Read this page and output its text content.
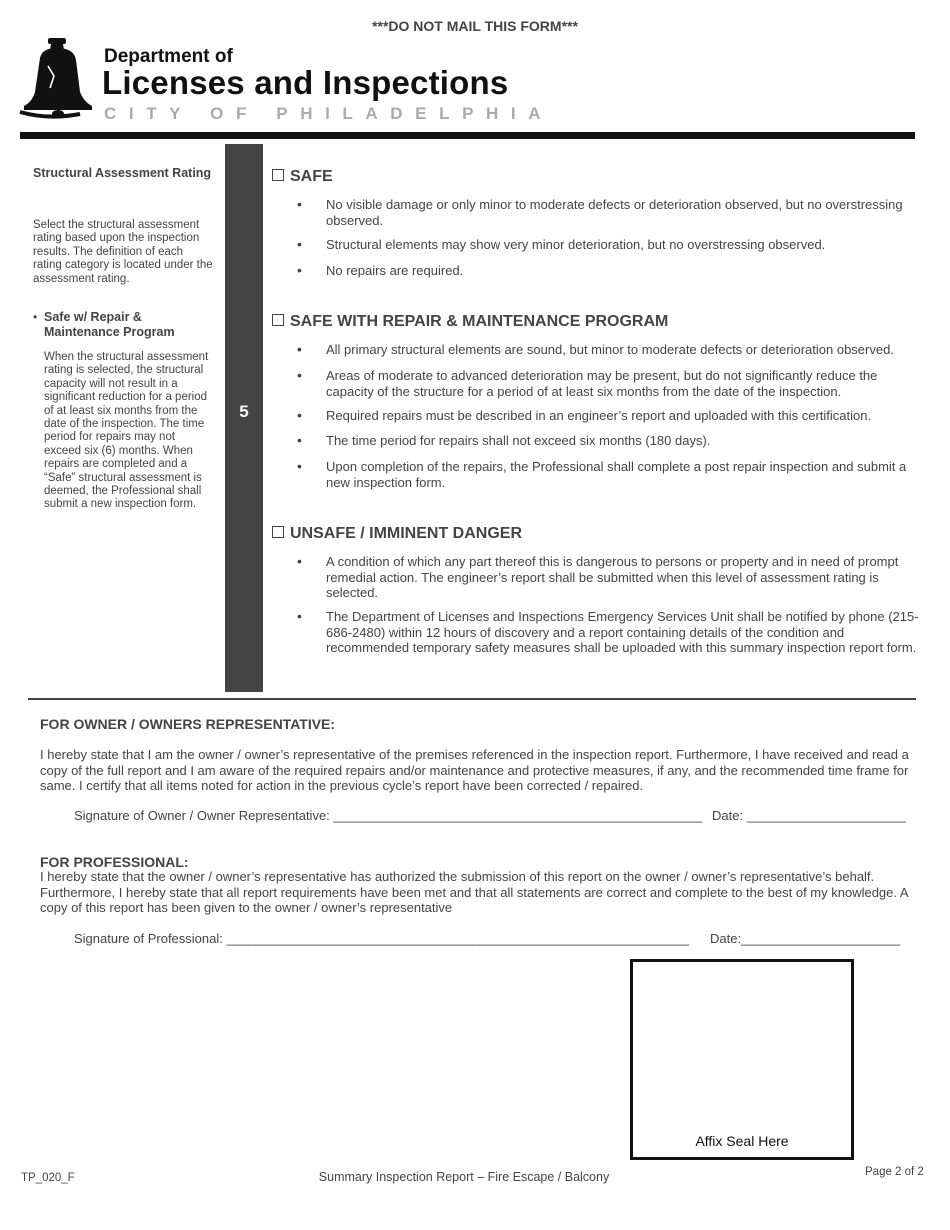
***DO NOT MAIL THIS FORM***
Department of
Licenses and Inspections
CITY OF PHILADELPHIA
Structural Assessment Rating
Select the structural assessment rating based upon the inspection results. The definition of each rating category is located under the assessment rating.
• Safe w/ Repair & Maintenance Program
When the structural assessment rating is selected, the structural capacity will not result in a significant reduction for a period of at least six months from the date of the inspection. The time period for repairs may not exceed six (6) months. When repairs are completed and a “Safe” structural assessment is deemed, the Professional shall submit a new inspection form.
5
SAFE
• No visible damage or only minor to moderate defects or deterioration observed, but no overstressing observed.
• Structural elements may show very minor deterioration, but no overstressing observed.
• No repairs are required.
SAFE WITH REPAIR & MAINTENANCE PROGRAM
• All primary structural elements are sound, but minor to moderate defects or deterioration observed.
• Areas of moderate to advanced deterioration may be present, but do not significantly reduce the capacity of the structure for a period of at least six months from the date of the inspection.
• Required repairs must be described in an engineer’s report and uploaded with this certification.
• The time period for repairs shall not exceed six months (180 days).
• Upon completion of the repairs, the Professional shall complete a post repair inspection and submit a new inspection form.
UNSAFE / IMMINENT DANGER
• A condition of which any part thereof this is dangerous to persons or property and in need of prompt remedial action. The engineer’s report shall be submitted when this level of assessment rating is selected.
• The Department of Licenses and Inspections Emergency Services Unit shall be notified by phone (215-686-2480) within 12 hours of discovery and a report containing details of the condition and recommended temporary safety measures shall be uploaded with this summary inspection report form.
FOR OWNER / OWNERS REPRESENTATIVE:
I hereby state that I am the owner / owner’s representative of the premises referenced in the inspection report. Furthermore, I have received and read a copy of the full report and I am aware of the required repairs and/or maintenance and protective measures, if any, and the recommended time frame for same. I certify that all items noted for action in the previous cycle’s report have been corrected / repaired.
Signature of Owner / Owner Representative: ___________________________________________________ Date: ______________________
FOR PROFESSIONAL:
I hereby state that the owner / owner’s representative has authorized the submission of this report on the owner / owner’s representative’s behalf. Furthermore, I hereby state that all report requirements have been met and that all statements are correct and complete to the best of my knowledge. A copy of this report has been given to the owner / owner’s representative
Signature of Professional: ________________________________________________________________ Date:______________________
Affix Seal Here
TP_020_F	Summary Inspection Report – Fire Escape / Balcony	Page 2 of 2
